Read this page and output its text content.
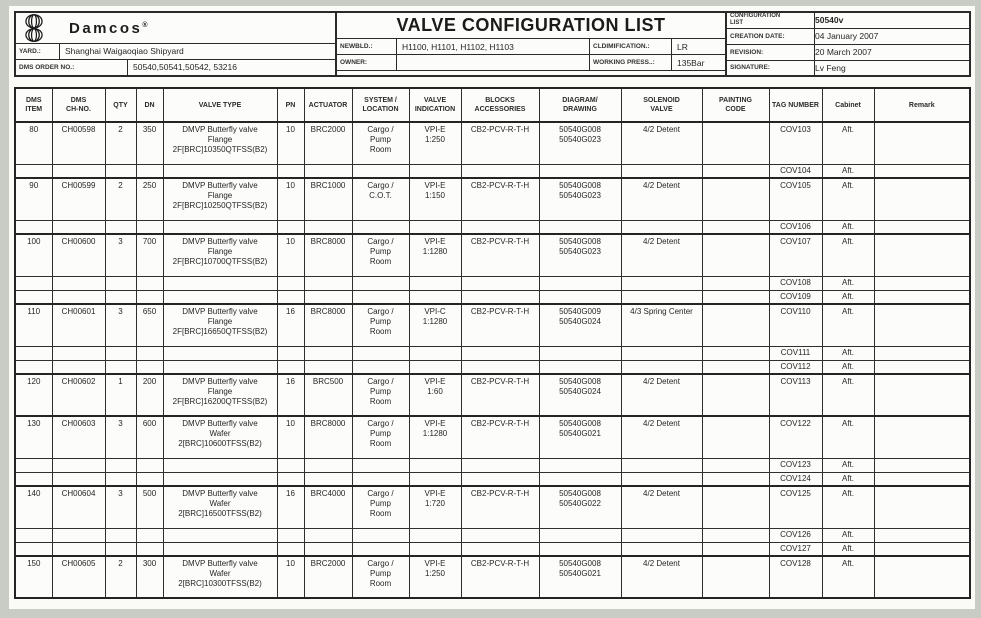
Damcos®
YARD.:	Shanghai Waigaoqiao Shipyard
DMS ORDER NO.:	50540,50541,50542, 53216
VALVE CONFIGURATION LIST
NEWBLD.:	H1100, H1101, H1102, H1103	CLDIMIFICATION.:	LR
OWNER:	WORKING PRESS..:	135Bar
CONFIGURATION
LIST	50540v
CREATION DATE:	04 January 2007
REVISION:	20 March 2007
SIGNATURE:	Lv Feng
DMS
ITEM	DMS
CH-NO.	QTY	DN	VALVE TYPE	PN	ACTUATOR	SYSTEM /
LOCATION	VALVE
INDICATION	BLOCKS
ACCESSORIES	DIAGRAM/
DRAWING	SOLENOID
VALVE	PAINTING
CODE	TAG NUMBER	Cabinet	Remark
80	CH00598	2	350	DMVP Butterfly valve
Flange
2F[BRC]10350QTFSS(B2)	10	BRC2000	Cargo /
Pump
Room	VPI-E
1:250	CB2-PCV-R-T-H	50540G008
50540G023	4/2 Detent		COV103	Aft.	
													COV104	Aft.	
90	CH00599	2	250	DMVP Butterfly valve
Flange
2F[BRC]10250QTFSS(B2)	10	BRC1000	Cargo /
C.O.T.	VPI-E
1:150	CB2-PCV-R-T-H	50540G008
50540G023	4/2 Detent		COV105	Aft.	
													COV106	Aft.	
100	CH00600	3	700	DMVP Butterfly valve
Flange
2F[BRC]10700QTFSS(B2)	10	BRC8000	Cargo /
Pump
Room	VPI-E
1:1280	CB2-PCV-R-T-H	50540G008
50540G023	4/2 Detent		COV107	Aft.	
													COV108	Aft.	
													COV109	Aft.	
110	CH00601	3	650	DMVP Butterfly valve
Flange
2F[BRC]16650QTFSS(B2)	16	BRC8000	Cargo /
Pump
Room	VPI-C
1:1280	CB2-PCV-R-T-H	50540G009
50540G024	4/3 Spring Center		COV110	Aft.	
													COV111	Aft.	
													COV112	Aft.	
120	CH00602	1	200	DMVP Butterfly valve
Flange
2F[BRC]16200QTFSS(B2)	16	BRC500	Cargo /
Pump
Room	VPI-E
1:60	CB2-PCV-R-T-H	50540G008
50540G024	4/2 Detent		COV113	Aft.	
130	CH00603	3	600	DMVP Butterfly valve
Wafer
2[BRC]10600TFSS(B2)	10	BRC8000	Cargo /
Pump
Room	VPI-E
1:1280	CB2-PCV-R-T-H	50540G008
50540G021	4/2 Detent		COV122	Aft.	
													COV123	Aft.	
													COV124	Aft.	
140	CH00604	3	500	DMVP Butterfly valve
Wafer
2[BRC]16500TFSS(B2)	16	BRC4000	Cargo /
Pump
Room	VPI-E
1:720	CB2-PCV-R-T-H	50540G008
50540G022	4/2 Detent		COV125	Aft.	
													COV126	Aft.	
													COV127	Aft.	
150	CH00605	2	300	DMVP Butterfly valve
Wafer
2[BRC]10300TFSS(B2)	10	BRC2000	Cargo /
Pump
Room	VPI-E
1:250	CB2-PCV-R-T-H	50540G008
50540G021	4/2 Detent		COV128	Aft.	
